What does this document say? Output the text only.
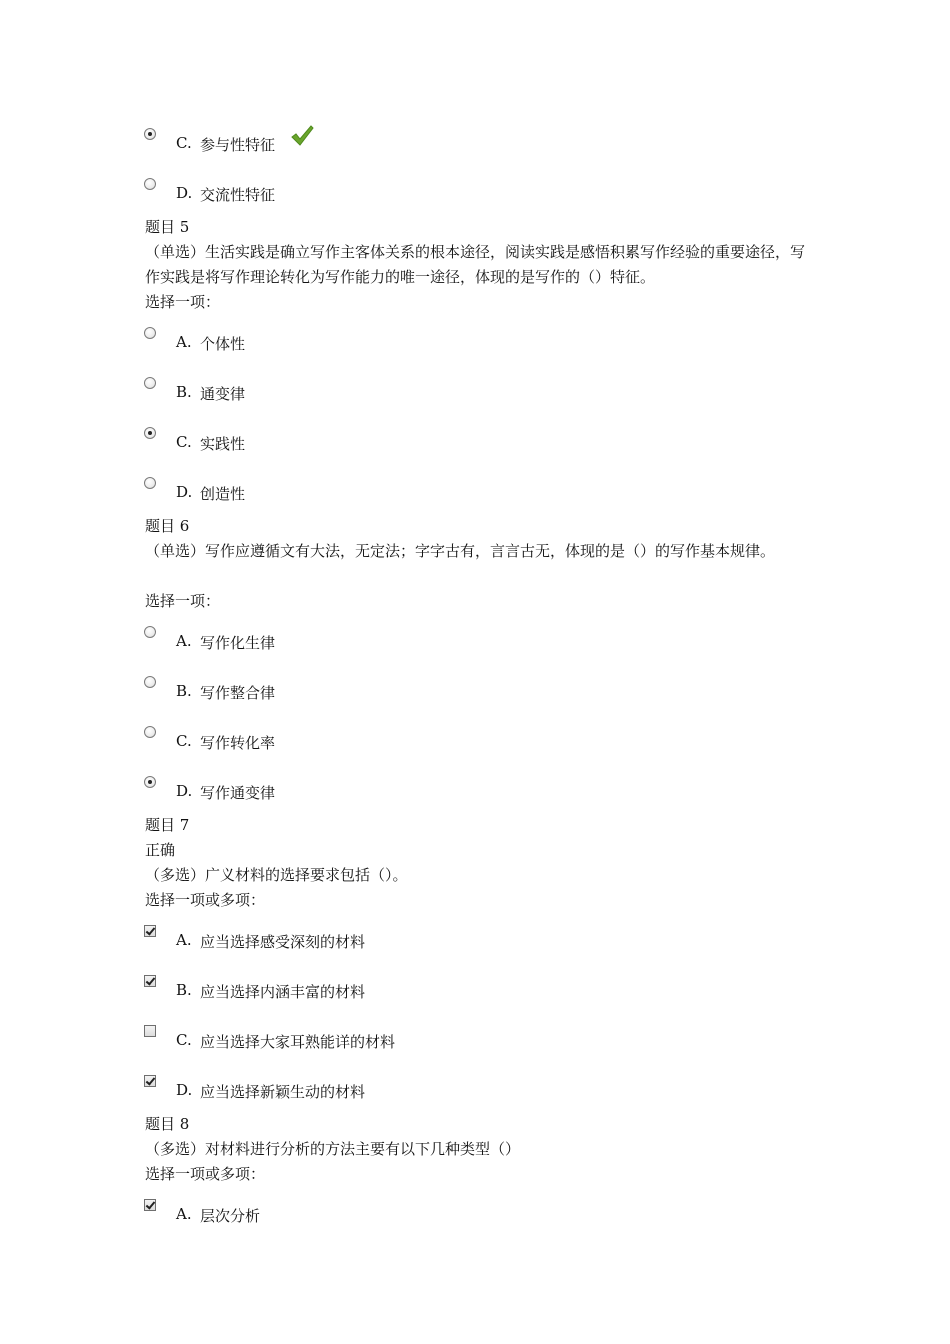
C. 参与性特征
D. 交流性特征
题目 5
（单选）生活实践是确立写作主客体关系的根本途径，阅读实践是感悟积累写作经验的重要途径，写作实践是将写作理论转化为写作能力的唯一途径，体现的是写作的（）特征。
选择一项：
A. 个体性
B. 通变律
C. 实践性
D. 创造性
题目 6
（单选）写作应遵循文有大法，无定法；字字古有，言言古无，体现的是（）的写作基本规律。
选择一项：
A. 写作化生律
B. 写作整合律
C. 写作转化率
D. 写作通变律
题目 7
正确
（多选）广义材料的选择要求包括（）。
选择一项或多项：
A. 应当选择感受深刻的材料
B. 应当选择内涵丰富的材料
C. 应当选择大家耳熟能详的材料
D. 应当选择新颖生动的材料
题目 8
（多选）对材料进行分析的方法主要有以下几种类型（）
选择一项或多项：
A. 层次分析
